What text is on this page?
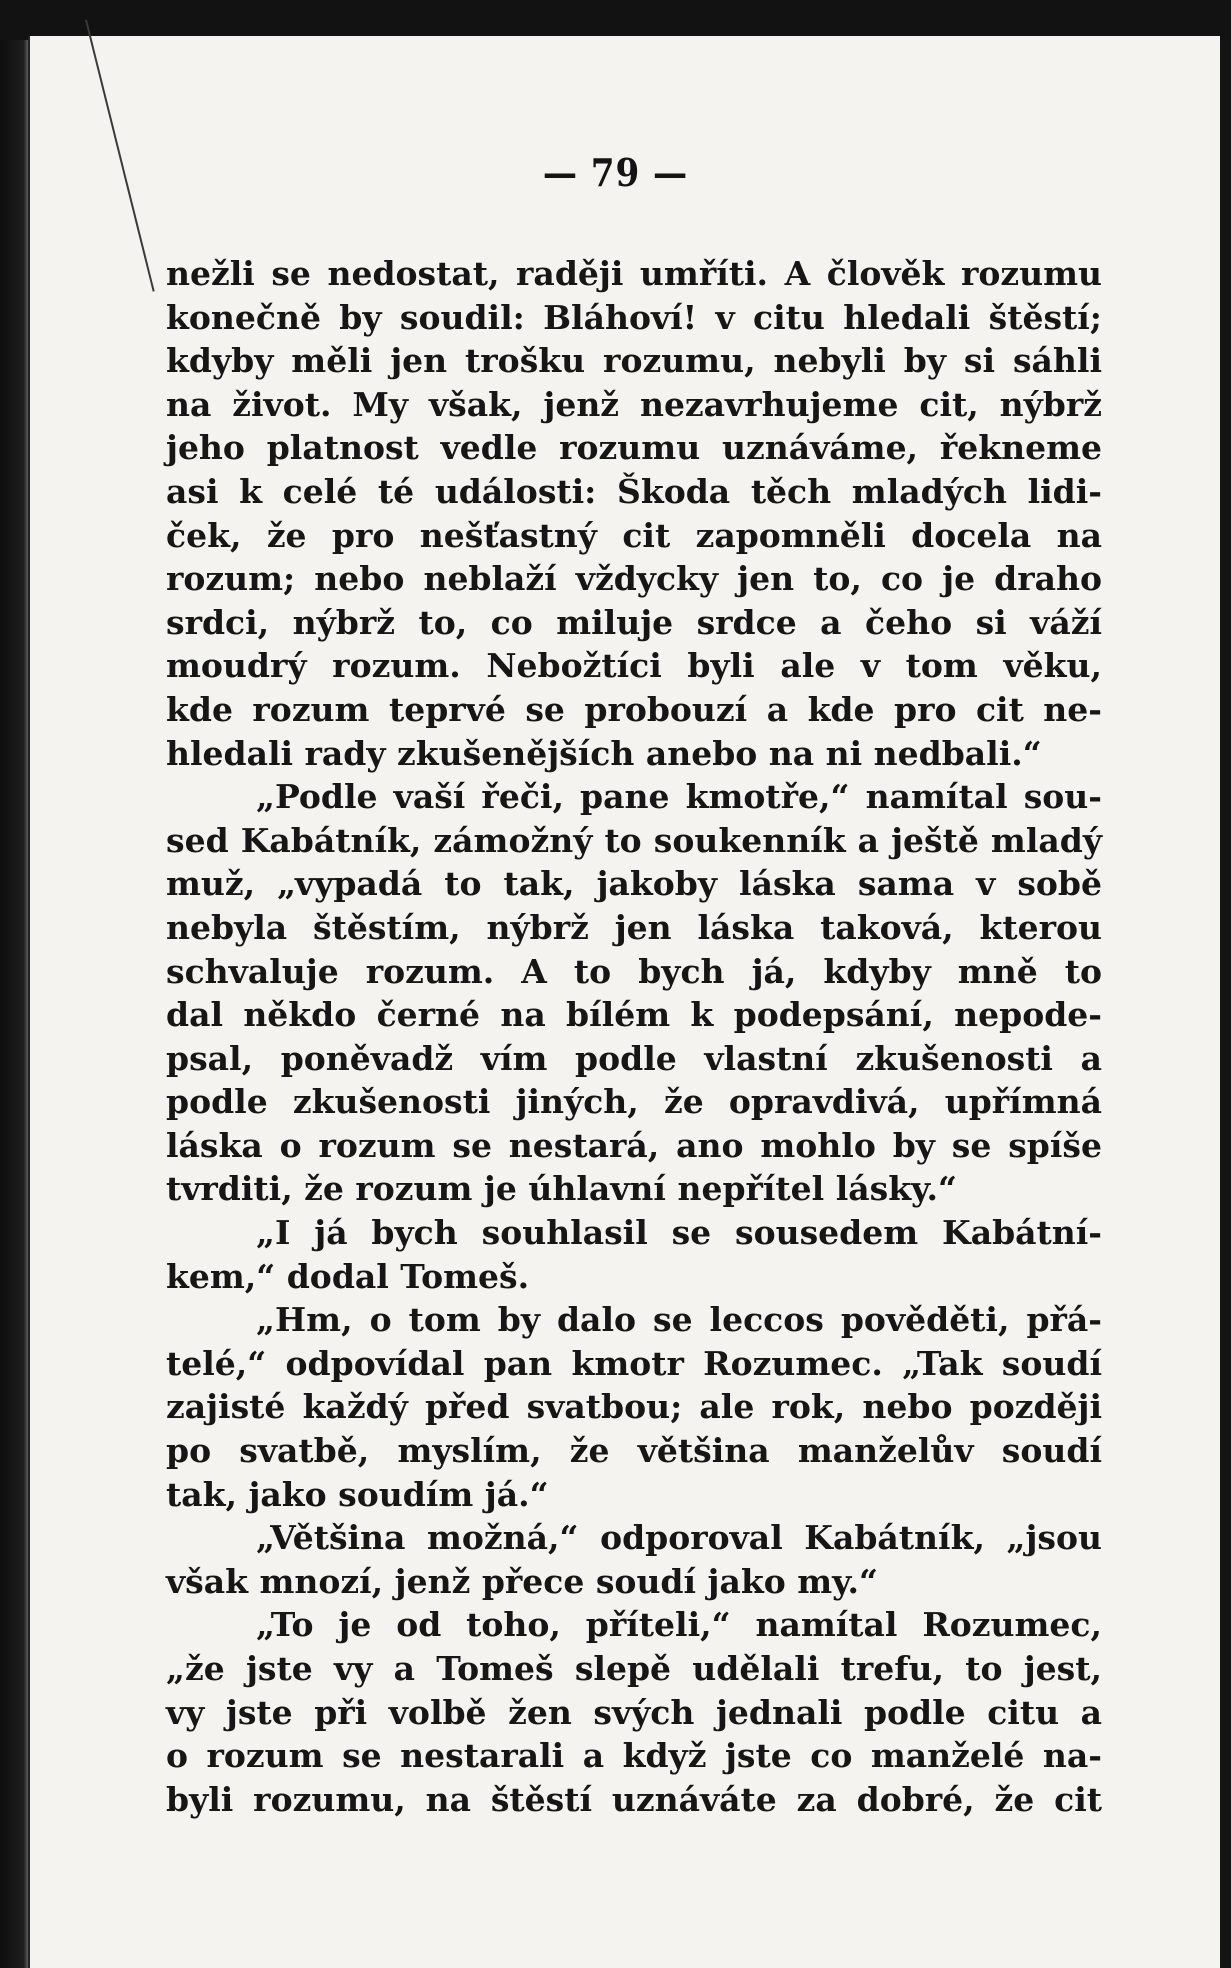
— 79 —
nežli se nedostat, raději umříti. A člověk rozumu
konečně by soudil: Bláhoví! v citu hledali štěstí;
kdyby měli jen trošku rozumu, nebyli by si sáhli
na život. My však, jenž nezavrhujeme cit, nýbrž
jeho platnost vedle rozumu uznáváme, řekneme
asi k celé té události: Škoda těch mladých lidi-
ček, že pro nešťastný cit zapomněli docela na
rozum; nebo neblaží vždycky jen to, co je draho
srdci, nýbrž to, co miluje srdce a čeho si váží
moudrý rozum. Nebožtíci byli ale v tom věku,
kde rozum teprvé se probouzí a kde pro cit ne-
hledali rady zkušenějších anebo na ni nedbali.“
„Podle vaší řeči, pane kmotře,“ namítal sou-
sed Kabátník, zámožný to soukenník a ještě mladý
muž, „vypadá to tak, jakoby láska sama v sobě
nebyla štěstím, nýbrž jen láska taková, kterou
schvaluje rozum. A to bych já, kdyby mně to
dal někdo černé na bílém k podepsání, nepode-
psal, poněvadž vím podle vlastní zkušenosti a
podle zkušenosti jiných, že opravdivá, upřímná
láska o rozum se nestará, ano mohlo by se spíše
tvrditi, že rozum je úhlavní nepřítel lásky.“
„I já bych souhlasil se sousedem Kabátní-
kem,“ dodal Tomeš.
„Hm, o tom by dalo se leccos pověděti, přá-
telé,“ odpovídal pan kmotr Rozumec. „Tak soudí
zajisté každý před svatbou; ale rok, nebo později
po svatbě, myslím, že většina manželův soudí
tak, jako soudím já.“
„Většina možná,“ odporoval Kabátník, „jsou
však mnozí, jenž přece soudí jako my.“
„To je od toho, příteli,“ namítal Rozumec,
„že jste vy a Tomeš slepě udělali trefu, to jest,
vy jste při volbě žen svých jednali podle citu a
o rozum se nestarali a když jste co manželé na-
byli rozumu, na štěstí uznáváte za dobré, že cit
